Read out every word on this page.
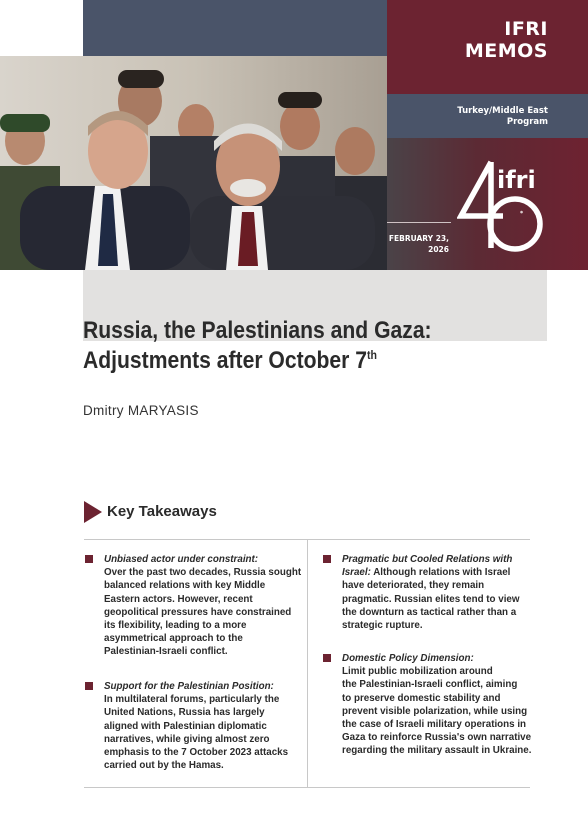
IFRI
MEMOS
Turkey/Middle East
Program
FEBRUARY 23,
2026
ifri
●
Russia, the Palestinians and Gaza:
Adjustments after October 7th
Dmitry MARYASIS
Key Takeaways
Unbiased actor under constraint:
Over the past two decades, Russia sought
balanced relations with key Middle
Eastern actors. However, recent
geopolitical pressures have constrained
its flexibility, leading to a more
asymmetrical approach to the
Palestinian-Israeli conflict.
Support for the Palestinian Position:
In multilateral forums, particularly the
United Nations, Russia has largely
aligned with Palestinian diplomatic
narratives, while giving almost zero
emphasis to the 7 October 2023 attacks
carried out by the Hamas.
Pragmatic but Cooled Relations with
Israel: Although relations with Israel
have deteriorated, they remain
pragmatic. Russian elites tend to view
the downturn as tactical rather than a
strategic rupture.
Domestic Policy Dimension:
Limit public mobilization around
the Palestinian-Israeli conflict, aiming
to preserve domestic stability and
prevent visible polarization, while using
the case of Israeli military operations in
Gaza to reinforce Russia's own narrative
regarding the military assault in Ukraine.
